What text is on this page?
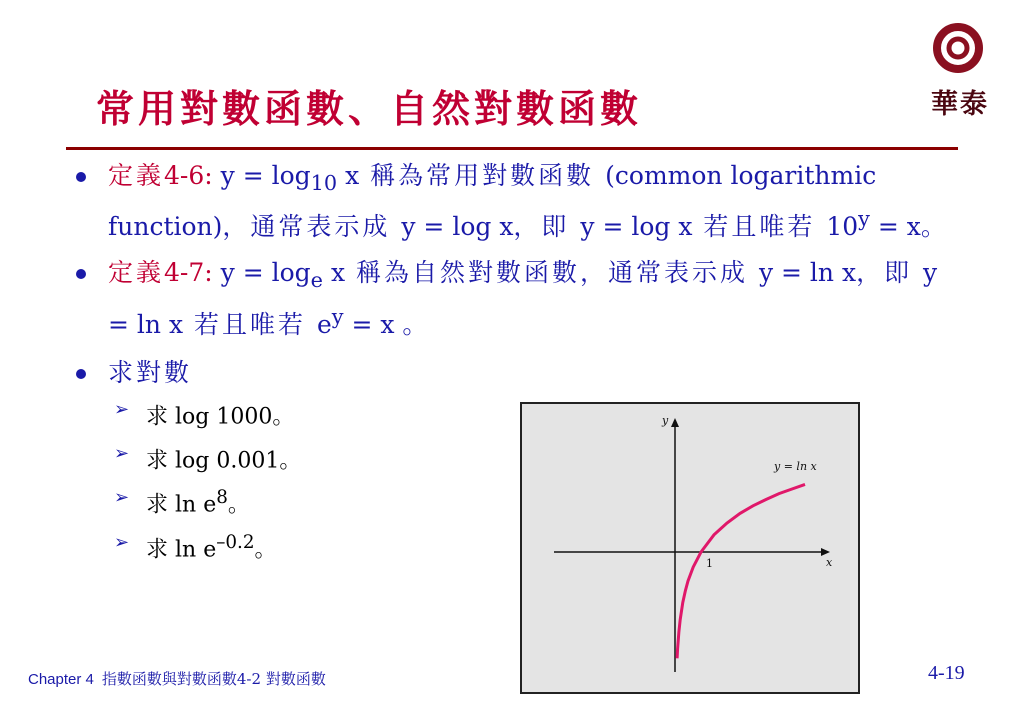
常用對數函數、自然對數函數	華泰
定義4-6: $y = \log_{10} x$ 稱為常用對數函數 (common logarithmic function)，通常表示成 y = log x，即 y = log x 若且唯若 $10^y = x$。
定義4-7: $y = \log_e x$ 稱為自然對數函數，通常表示成 y = ln x，即 y = ln x 若且唯若 $e^y = x$ 。
求對數
➢ 求 log 1000。
➢ 求 log 0.001。
➢ 求 $\ln e^8$。
➢ 求 $\ln e^{-0.2}$。
x
y
1
y = ln x
Chapter 4 指數函數與對數函數4-2 對數函數	4-19
